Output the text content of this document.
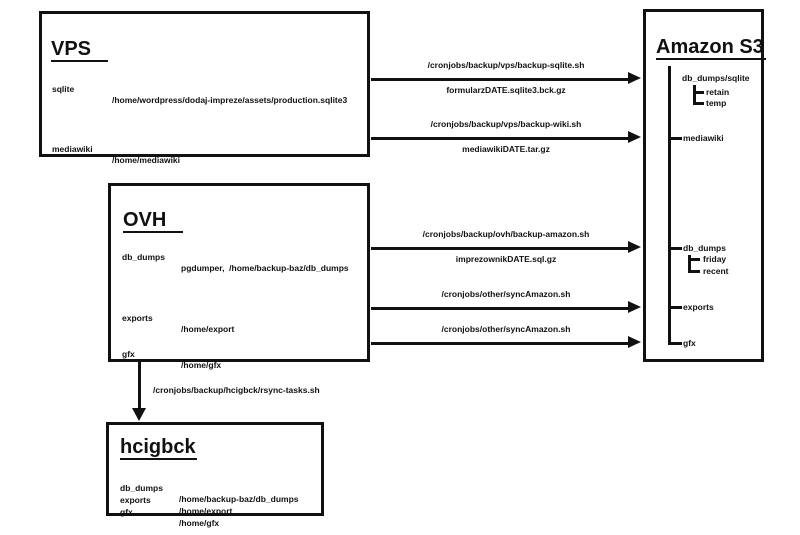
VPS

sqlite

/home/wordpress/dodaj-impreze/assets/production.sqlite3

mediawiki

/home/mediawiki

OVH

db_dumps

pgdumper,  /home/backup-baz/db_dumps

exports

/home/export

gfx

/home/gfx

Amazon S3
db_dumps/sqlite
retain
temp
mediawiki
db_dumps
friday
recent
exports
gfx
hcigbck

db_dumps

/home/backup-baz/db_dumps

exports

/home/export

gfx

/home/gfx

/cronjobs/backup/vps/backup-sqlite.sh
formularzDATE.sqlite3.bck.gz
/cronjobs/backup/vps/backup-wiki.sh
mediawikiDATE.tar.gz
/cronjobs/backup/ovh/backup-amazon.sh
imprezownikDATE.sql.gz
/cronjobs/other/syncAmazon.sh
/cronjobs/other/syncAmazon.sh
/cronjobs/backup/hcigbck/rsync-tasks.sh
